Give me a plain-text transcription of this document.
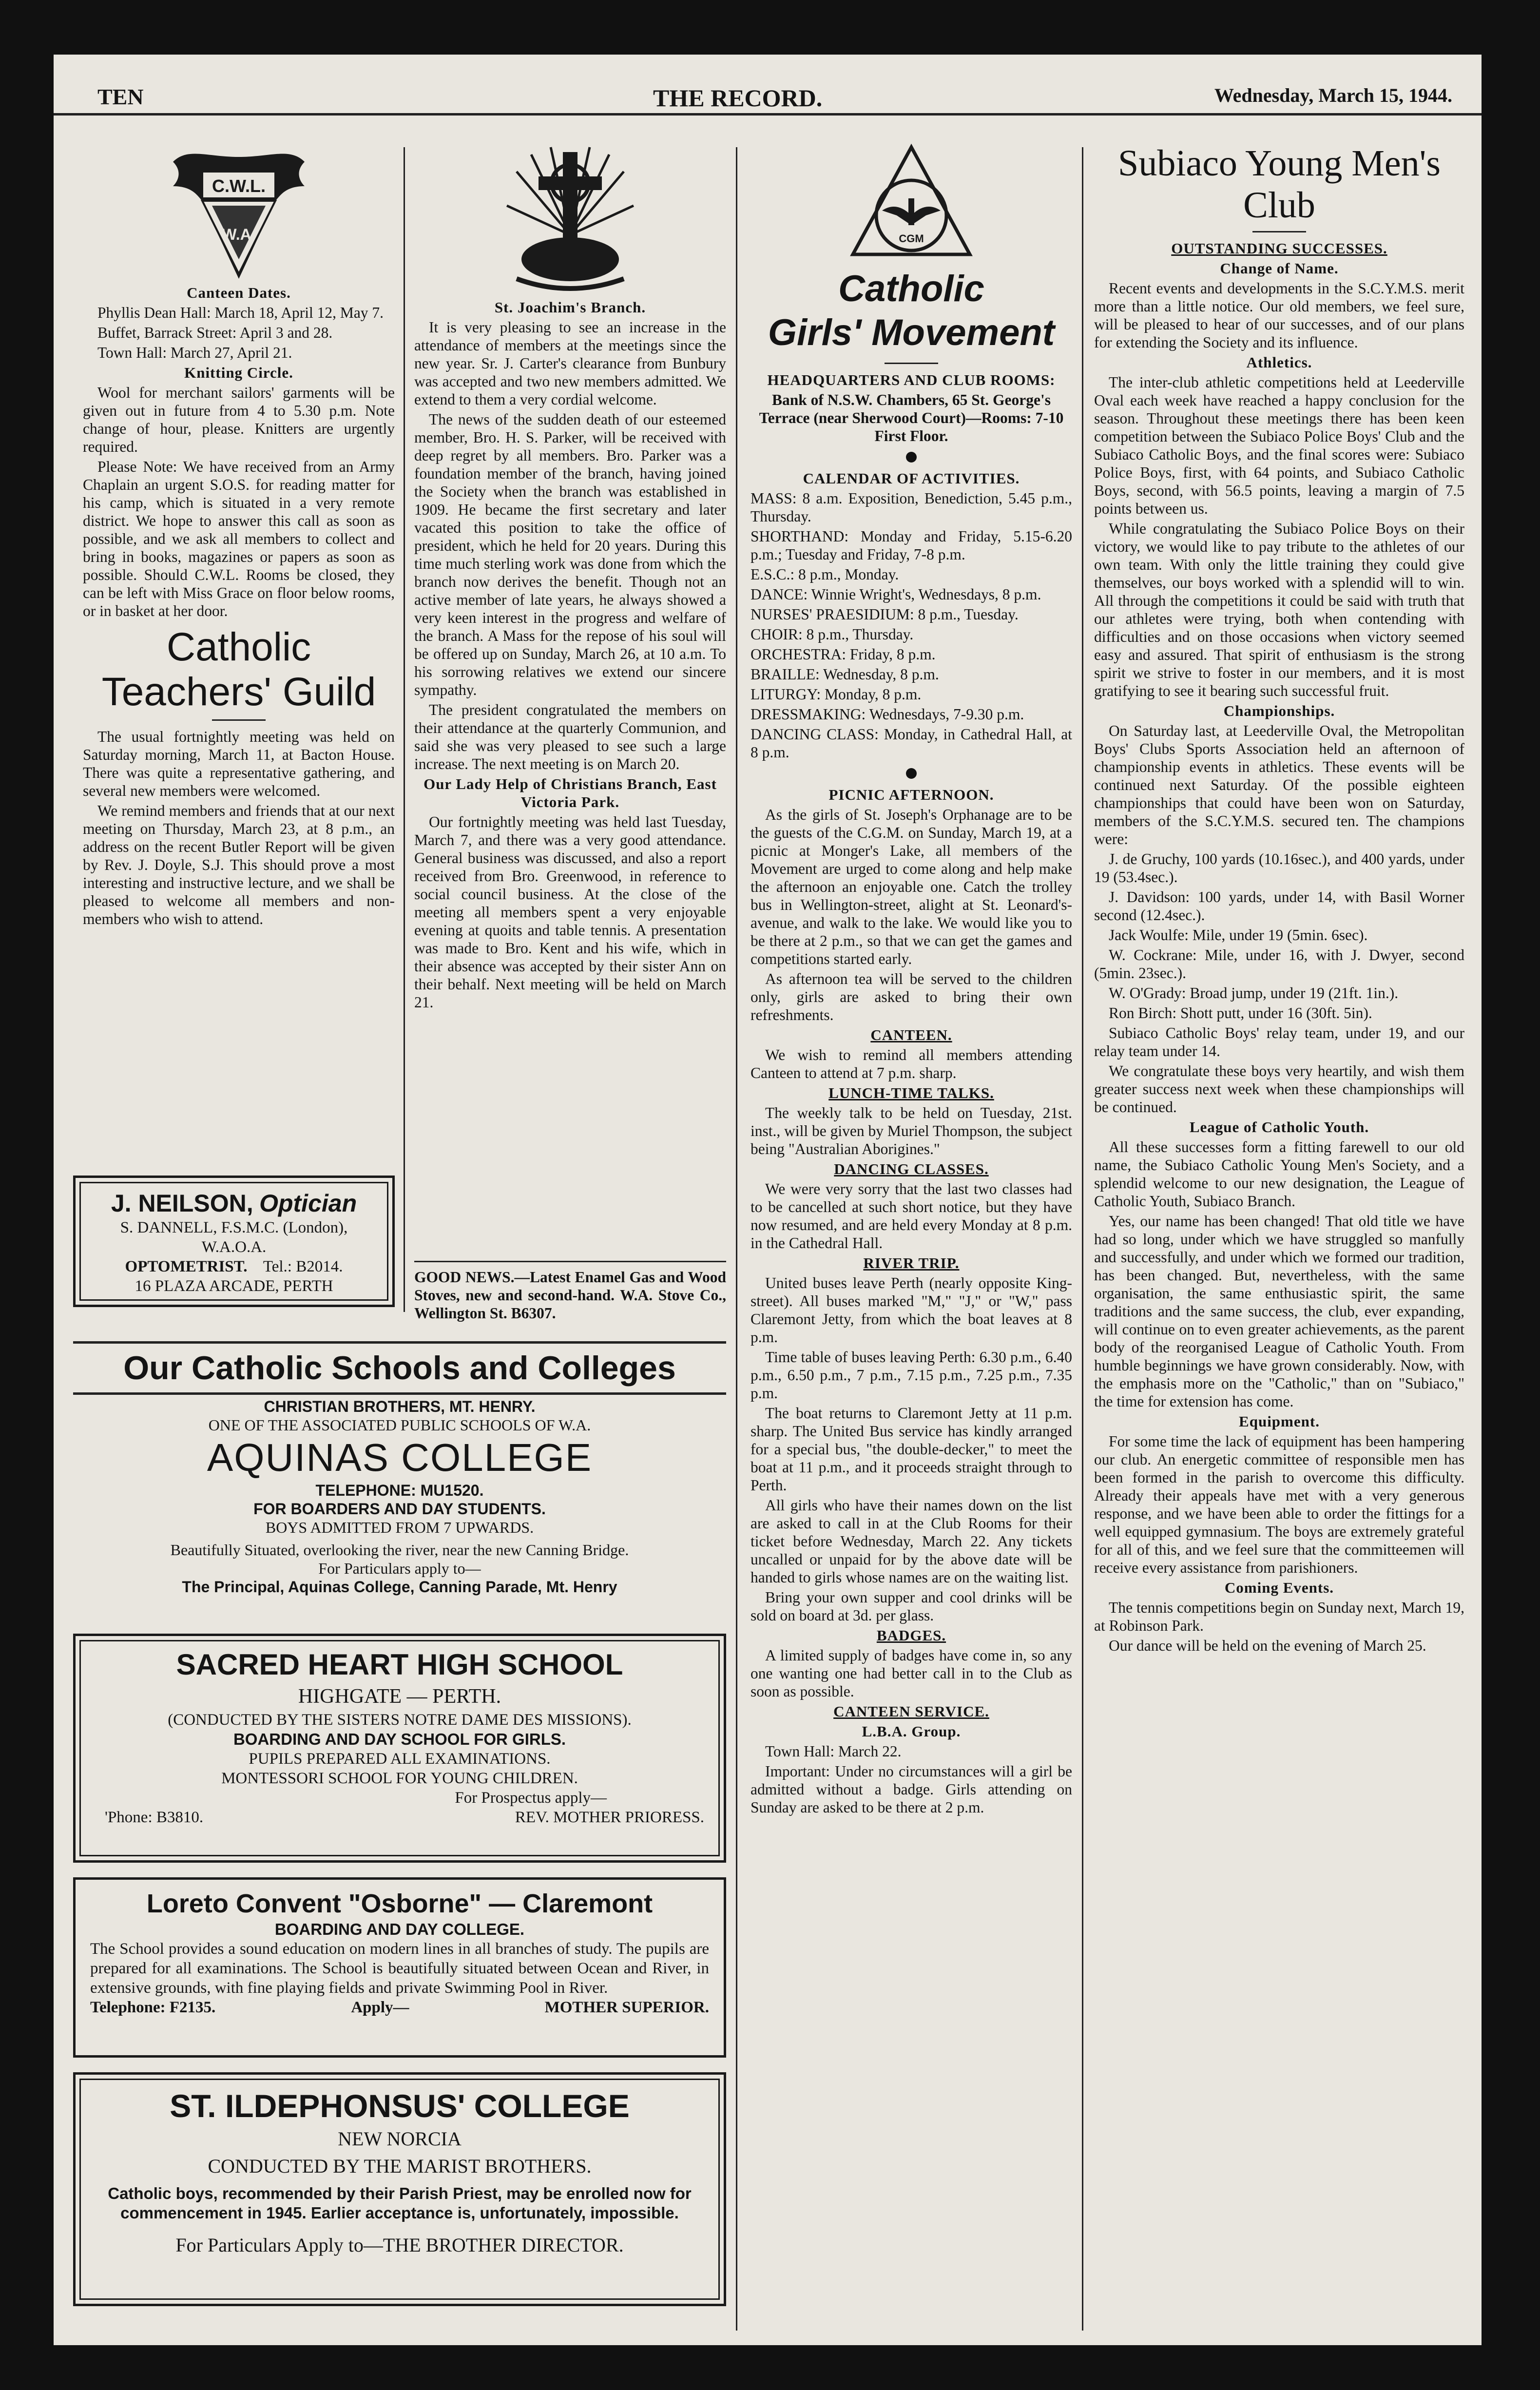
TEN	THE RECORD.	Wednesday, March 15, 1944.
C.W.L.
W.A.

Canteen Dates.

Phyllis Dean Hall: March 18, April 12, May 7.

Buffet, Barrack Street: April 3 and 28.

Town Hall: March 27, April 21.

Knitting Circle.

Wool for merchant sailors' garments will be given out in future from 4 to 5.30 p.m. Note change of hour, please. Knitters are urgently required.

Please Note: We have received from an Army Chaplain an urgent S.O.S. for reading matter for his camp, which is situated in a very remote district. We hope to answer this call as soon as possible, and we ask all members to collect and bring in books, magazines or papers as soon as possible. Should C.W.L. Rooms be closed, they can be left with Miss Grace on floor below rooms, or in basket at her door.

Catholic Teachers' Guild

The usual fortnightly meeting was held on Saturday morning, March 11, at Bacton House. There was quite a representative gathering, and several new members were welcomed.

We remind members and friends that at our next meeting on Thursday, March 23, at 8 p.m., an address on the recent Butler Report will be given by Rev. J. Doyle, S.J. This should prove a most interesting and instructive lecture, and we shall be pleased to welcome all members and non-members who wish to attend.

J. NEILSON, Optician
S. DANNELL, F.S.M.C. (London),
W.A.O.A.
OPTOMETRIST. Tel.: B2014.
16 PLAZA ARCADE, PERTH

St. Joachim's Branch.

It is very pleasing to see an increase in the attendance of members at the meetings since the new year. Sr. J. Carter's clearance from Bunbury was accepted and two new members admitted. We extend to them a very cordial welcome.

The news of the sudden death of our esteemed member, Bro. H. S. Parker, will be received with deep regret by all members. Bro. Parker was a foundation member of the branch, having joined the Society when the branch was established in 1909. He became the first secretary and later vacated this position to take the office of president, which he held for 20 years. During this time much sterling work was done from which the branch now derives the benefit. Though not an active member of late years, he always showed a very keen interest in the progress and welfare of the branch. A Mass for the repose of his soul will be offered up on Sunday, March 26, at 10 a.m. To his sorrowing relatives we extend our sincere sympathy.

The president congratulated the members on their attendance at the quarterly Communion, and said she was very pleased to see such a large increase. The next meeting is on March 20.

Our Lady Help of Christians Branch, East Victoria Park.

Our fortnightly meeting was held last Tuesday, March 7, and there was a very good attendance. General business was discussed, and also a report received from Bro. Greenwood, in reference to social council business. At the close of the meeting all members spent a very enjoyable evening at quoits and table tennis. A presentation was made to Bro. Kent and his wife, which in their absence was accepted by their sister Ann on their behalf. Next meeting will be held on March 21.

GOOD NEWS.—Latest Enamel Gas and Wood Stoves, new and second-hand. W.A. Stove Co., Wellington St. B6307.

CGM
Catholic
Girls' Movement

HEADQUARTERS AND CLUB ROOMS:

Bank of N.S.W. Chambers, 65 St. George's Terrace (near Sherwood Court)—Rooms: 7-10 First Floor.

CALENDAR OF ACTIVITIES.

MASS: 8 a.m. Exposition, Benediction, 5.45 p.m., Thursday.

SHORTHAND: Monday and Friday, 5.15-6.20 p.m.; Tuesday and Friday, 7-8 p.m.

E.S.C.: 8 p.m., Monday.

DANCE: Winnie Wright's, Wednesdays, 8 p.m.

NURSES' PRAESIDIUM: 8 p.m., Tuesday.

CHOIR: 8 p.m., Thursday.

ORCHESTRA: Friday, 8 p.m.

BRAILLE: Wednesday, 8 p.m.

LITURGY: Monday, 8 p.m.

DRESSMAKING: Wednesdays, 7-9.30 p.m.

DANCING CLASS: Monday, in Cathedral Hall, at 8 p.m.

PICNIC AFTERNOON.

As the girls of St. Joseph's Orphanage are to be the guests of the C.G.M. on Sunday, March 19, at a picnic at Monger's Lake, all members of the Movement are urged to come along and help make the afternoon an enjoyable one. Catch the trolley bus in Wellington-street, alight at St. Leonard's-avenue, and walk to the lake. We would like you to be there at 2 p.m., so that we can get the games and competitions started early.

As afternoon tea will be served to the children only, girls are asked to bring their own refreshments.

CANTEEN.

We wish to remind all members attending Canteen to attend at 7 p.m. sharp.

LUNCH-TIME TALKS.

The weekly talk to be held on Tuesday, 21st. inst., will be given by Muriel Thompson, the subject being "Australian Aborigines."

DANCING CLASSES.

We were very sorry that the last two classes had to be cancelled at such short notice, but they have now resumed, and are held every Monday at 8 p.m. in the Cathedral Hall.

RIVER TRIP.

United buses leave Perth (nearly opposite King-street). All buses marked "M," "J," or "W," pass Claremont Jetty, from which the boat leaves at 8 p.m.

Time table of buses leaving Perth: 6.30 p.m., 6.40 p.m., 6.50 p.m., 7 p.m., 7.15 p.m., 7.25 p.m., 7.35 p.m.

The boat returns to Claremont Jetty at 11 p.m. sharp. The United Bus service has kindly arranged for a special bus, "the double-decker," to meet the boat at 11 p.m., and it proceeds straight through to Perth.

All girls who have their names down on the list are asked to call in at the Club Rooms for their ticket before Wednesday, March 22. Any tickets uncalled or unpaid for by the above date will be handed to girls whose names are on the waiting list.

Bring your own supper and cool drinks will be sold on board at 3d. per glass.

BADGES.

A limited supply of badges have come in, so any one wanting one had better call in to the Club as soon as possible.

CANTEEN SERVICE.

L.B.A. Group.

Town Hall: March 22.

Important: Under no circumstances will a girl be admitted without a badge. Girls attending on Sunday are asked to be there at 2 p.m.

Subiaco Young Men's Club

OUTSTANDING SUCCESSES.

Change of Name.

Recent events and developments in the S.C.Y.M.S. merit more than a little notice. Our old members, we feel sure, will be pleased to hear of our successes, and of our plans for extending the Society and its influence.

Athletics.

The inter-club athletic competitions held at Leederville Oval each week have reached a happy conclusion for the season. Throughout these meetings there has been keen competition between the Subiaco Police Boys' Club and the Subiaco Catholic Boys, and the final scores were: Subiaco Police Boys, first, with 64 points, and Subiaco Catholic Boys, second, with 56.5 points, leaving a margin of 7.5 points between us.

While congratulating the Subiaco Police Boys on their victory, we would like to pay tribute to the athletes of our own team. With only the little training they could give themselves, our boys worked with a splendid will to win. All through the competitions it could be said with truth that our athletes were trying, both when contending with difficulties and on those occasions when victory seemed easy and assured. That spirit of enthusiasm is the strong spirit we strive to foster in our members, and it is most gratifying to see it bearing such successful fruit.

Championships.

On Saturday last, at Leederville Oval, the Metropolitan Boys' Clubs Sports Association held an afternoon of championship events in athletics. These events will be continued next Saturday. Of the possible eighteen championships that could have been won on Saturday, members of the S.C.Y.M.S. secured ten. The champions were:

J. de Gruchy, 100 yards (10.16sec.), and 400 yards, under 19 (53.4sec.).

J. Davidson: 100 yards, under 14, with Basil Worner second (12.4sec.).

Jack Woulfe: Mile, under 19 (5min. 6sec).

W. Cockrane: Mile, under 16, with J. Dwyer, second (5min. 23sec.).

W. O'Grady: Broad jump, under 19 (21ft. 1in.).

Ron Birch: Shott putt, under 16 (30ft. 5in).

Subiaco Catholic Boys' relay team, under 19, and our relay team under 14.

We congratulate these boys very heartily, and wish them greater success next week when these championships will be continued.

League of Catholic Youth.

All these successes form a fitting farewell to our old name, the Subiaco Catholic Young Men's Society, and a splendid welcome to our new designation, the League of Catholic Youth, Subiaco Branch.

Yes, our name has been changed! That old title we have had so long, under which we have struggled so manfully and successfully, and under which we formed our tradition, has been changed. But, nevertheless, with the same organisation, the same enthusiastic spirit, the same traditions and the same success, the club, ever expanding, will continue on to even greater achievements, as the parent body of the reorganised League of Catholic Youth. From humble beginnings we have grown considerably. Now, with the emphasis more on the "Catholic," than on "Subiaco," the time for extension has come.

Equipment.

For some time the lack of equipment has been hampering our club. An energetic committee of responsible men has been formed in the parish to overcome this difficulty. Already their appeals have met with a very generous response, and we have been able to order the fittings for a well equipped gymnasium. The boys are extremely grateful for all of this, and we feel sure that the committeemen will receive every assistance from parishioners.

Coming Events.

The tennis competitions begin on Sunday next, March 19, at Robinson Park.

Our dance will be held on the evening of March 25.

Our Catholic Schools and Colleges
CHRISTIAN BROTHERS, MT. HENRY.
ONE OF THE ASSOCIATED PUBLIC SCHOOLS OF W.A.
AQUINAS COLLEGE
TELEPHONE: MU1520.
FOR BOARDERS AND DAY STUDENTS.
BOYS ADMITTED FROM 7 UPWARDS.
Beautifully Situated, overlooking the river, near the new Canning Bridge.
For Particulars apply to—
The Principal, Aquinas College, Canning Parade, Mt. Henry
SACRED HEART HIGH SCHOOL
HIGHGATE — PERTH.
(CONDUCTED BY THE SISTERS NOTRE DAME DES MISSIONS).
BOARDING AND DAY SCHOOL FOR GIRLS.
PUPILS PREPARED ALL EXAMINATIONS.
MONTESSORI SCHOOL FOR YOUNG CHILDREN.
For Prospectus apply—
'Phone: B3810.	REV. MOTHER PRIORESS.
Loreto Convent "Osborne" — Claremont
BOARDING AND DAY COLLEGE.
The School provides a sound education on modern lines in all branches of study. The pupils are prepared for all examinations. The School is beautifully situated between Ocean and River, in extensive grounds, with fine playing fields and private Swimming Pool in River.
Telephone: F2135.	Apply—	MOTHER SUPERIOR.
ST. ILDEPHONSUS' COLLEGE
NEW NORCIA
CONDUCTED BY THE MARIST BROTHERS.
Catholic boys, recommended by their Parish Priest, may be enrolled now for commencement in 1945. Earlier acceptance is, unfortunately, impossible.
For Particulars Apply to—THE BROTHER DIRECTOR.
